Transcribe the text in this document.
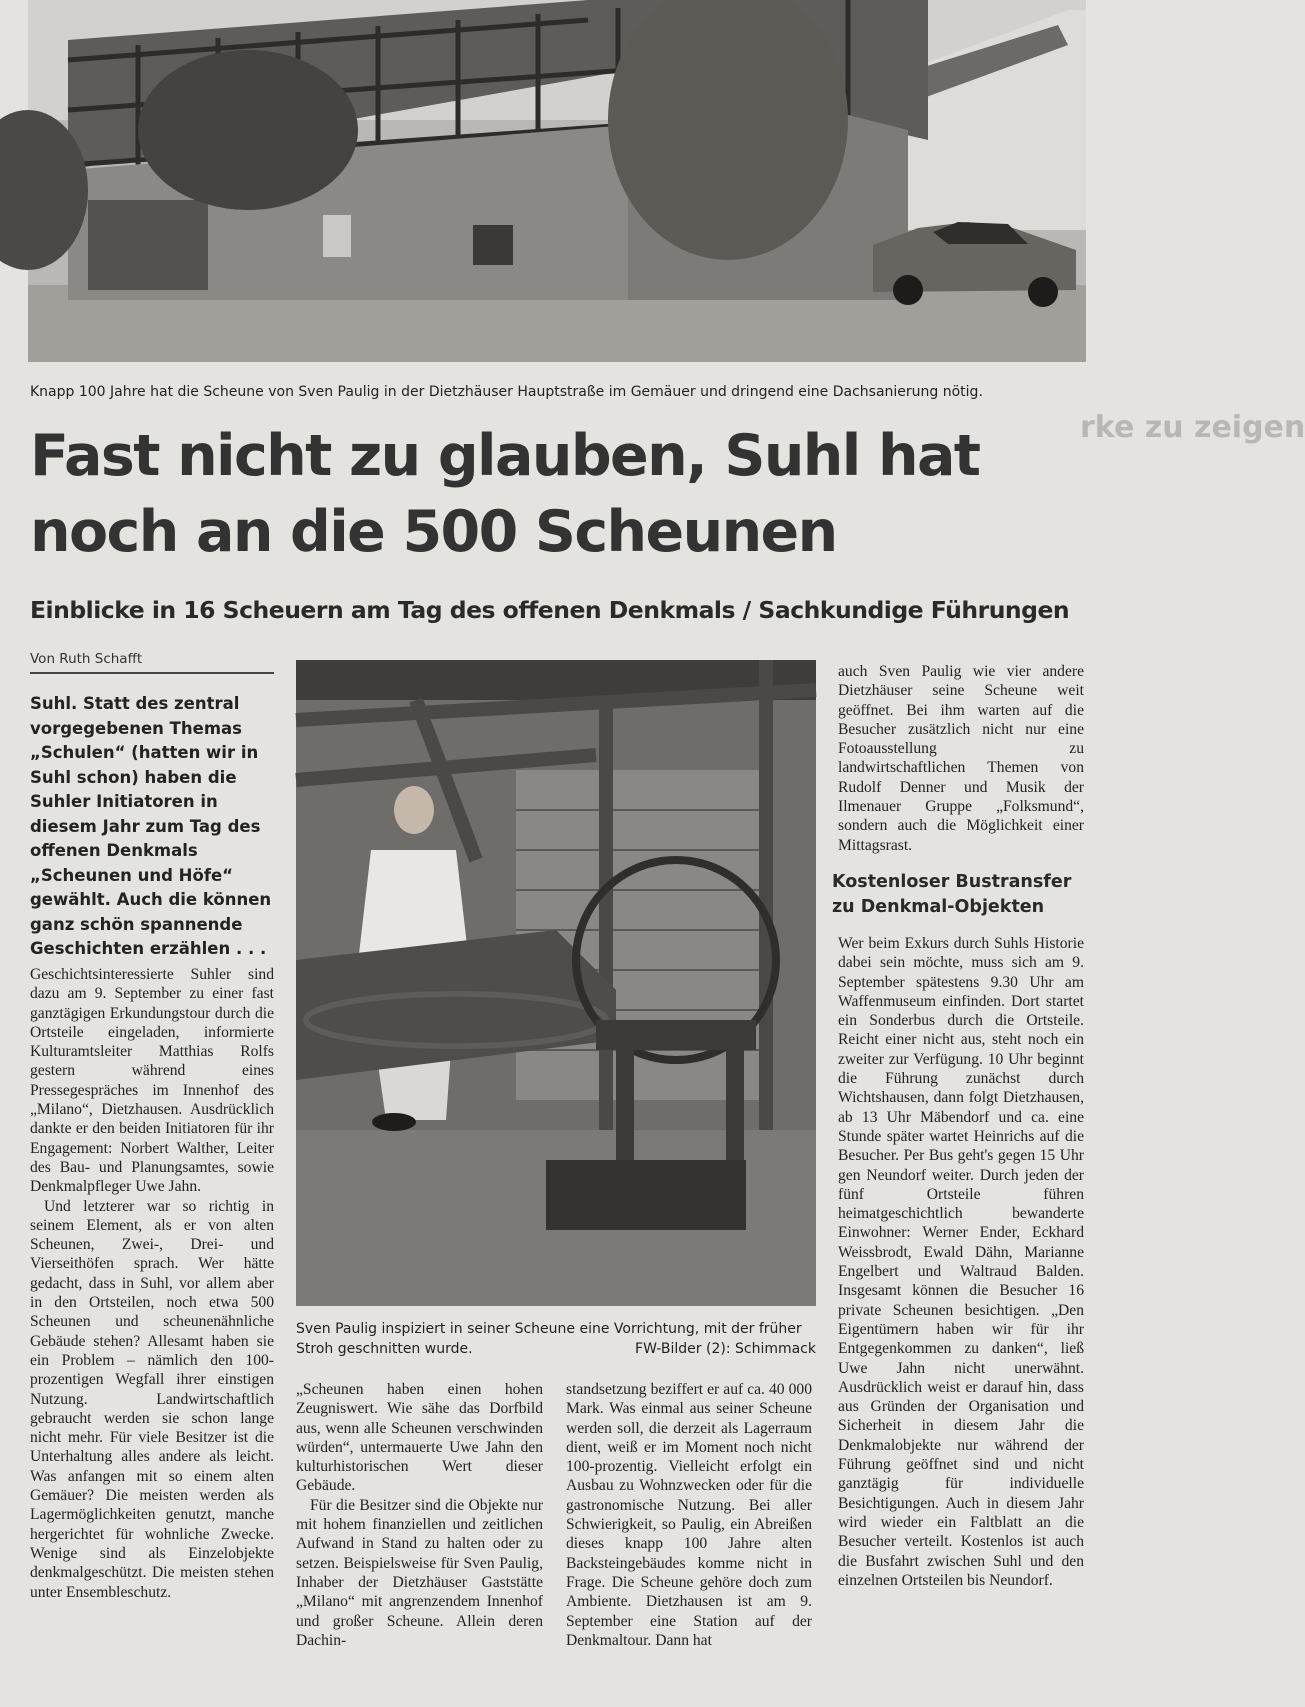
Knapp 100 Jahre hat die Scheune von Sven Paulig in der Dietzhäuser Hauptstraße im Gemäuer und dringend eine Dachsanierung nötig.
rke zu zeigen
Fast nicht zu glauben, Suhl hat
noch an die 500 Scheunen
Einblicke in 16 Scheuern am Tag des offenen Denkmals / Sachkundige Führungen
Von Ruth Schafft
Suhl. Statt des zentral vorgegebenen Themas „Schulen“ (hatten wir in Suhl schon) haben die Suhler Initiatoren in diesem Jahr zum Tag des offenen Denkmals „Scheunen und Höfe“ gewählt. Auch die können ganz schön spannende Geschichten erzählen . . .

Geschichtsinteressierte Suhler sind dazu am 9. September zu einer fast ganztägigen Erkundungstour durch die Ortsteile eingeladen, informierte Kulturamtsleiter Matthias Rolfs gestern während eines Pressegespräches im Innenhof des „Milano“, Dietzhausen. Ausdrücklich dankte er den beiden Initiatoren für ihr Engagement: Norbert Walther, Leiter des Bau- und Planungsamtes, sowie Denkmalpfleger Uwe Jahn.

Und letzterer war so richtig in seinem Element, als er von alten Scheunen, Zwei-, Drei- und Vierseithöfen sprach. Wer hätte gedacht, dass in Suhl, vor allem aber in den Ortsteilen, noch etwa 500 Scheunen und scheunenähnliche Gebäude stehen? Allesamt haben sie ein Problem – nämlich den 100-prozentigen Wegfall ihrer einstigen Nutzung. Landwirtschaftlich gebraucht werden sie schon lange nicht mehr. Für viele Besitzer ist die Unterhaltung alles andere als leicht. Was anfangen mit so einem alten Gemäuer? Die meisten werden als Lagermöglichkeiten genutzt, manche hergerichtet für wohnliche Zwecke. Wenige sind als Einzelobjekte denkmalgeschützt. Die meisten stehen unter Ensembleschutz.

Sven Paulig inspiziert in seiner Scheune eine Vorrichtung, mit der früher Stroh geschnitten wurde.	FW-Bilder (2): Schimmack

„Scheunen haben einen hohen Zeugniswert. Wie sähe das Dorfbild aus, wenn alle Scheunen verschwinden würden“, untermauerte Uwe Jahn den kulturhistorischen Wert dieser Gebäude.

Für die Besitzer sind die Objekte nur mit hohem finanziellen und zeitlichen Aufwand in Stand zu halten oder zu setzen. Beispielsweise für Sven Paulig, Inhaber der Dietzhäuser Gaststätte „Milano“ mit angrenzendem Innenhof und großer Scheune. Allein deren Dachin-

standsetzung beziffert er auf ca. 40 000 Mark. Was einmal aus seiner Scheune werden soll, die derzeit als Lagerraum dient, weiß er im Moment noch nicht 100-prozentig. Vielleicht erfolgt ein Ausbau zu Wohnzwecken oder für die gastronomische Nutzung. Bei aller Schwierigkeit, so Paulig, ein Abreißen dieses knapp 100 Jahre alten Backsteingebäudes komme nicht in Frage. Die Scheune gehöre doch zum Ambiente. Dietzhausen ist am 9. September eine Station auf der Denkmaltour. Dann hat

auch Sven Paulig wie vier andere Dietzhäuser seine Scheune weit geöffnet. Bei ihm warten auf die Besucher zusätzlich nicht nur eine Fotoausstellung zu landwirtschaftlichen Themen von Rudolf Denner und Musik der Ilmenauer Gruppe „Folksmund“, sondern auch die Möglichkeit einer Mittagsrast.

Kostenloser Bustransfer
zu Denkmal-Objekten

Wer beim Exkurs durch Suhls Historie dabei sein möchte, muss sich am 9. September spätestens 9.30 Uhr am Waffenmuseum einfinden. Dort startet ein Sonderbus durch die Ortsteile. Reicht einer nicht aus, steht noch ein zweiter zur Verfügung. 10 Uhr beginnt die Führung zunächst durch Wichtshausen, dann folgt Dietzhausen, ab 13 Uhr Mäbendorf und ca. eine Stunde später wartet Heinrichs auf die Besucher. Per Bus geht's gegen 15 Uhr gen Neundorf weiter. Durch jeden der fünf Ortsteile führen heimatgeschichtlich bewanderte Einwohner: Werner Ender, Eckhard Weissbrodt, Ewald Dähn, Marianne Engelbert und Waltraud Balden. Insgesamt können die Besucher 16 private Scheunen besichtigen. „Den Eigentümern haben wir für ihr Entgegenkommen zu danken“, ließ Uwe Jahn nicht unerwähnt. Ausdrücklich weist er darauf hin, dass aus Gründen der Organisation und Sicherheit in diesem Jahr die Denkmalobjekte nur während der Führung geöffnet sind und nicht ganztägig für individuelle Besichtigungen. Auch in diesem Jahr wird wieder ein Faltblatt an die Besucher verteilt. Kostenlos ist auch die Busfahrt zwischen Suhl und den einzelnen Ortsteilen bis Neundorf.
